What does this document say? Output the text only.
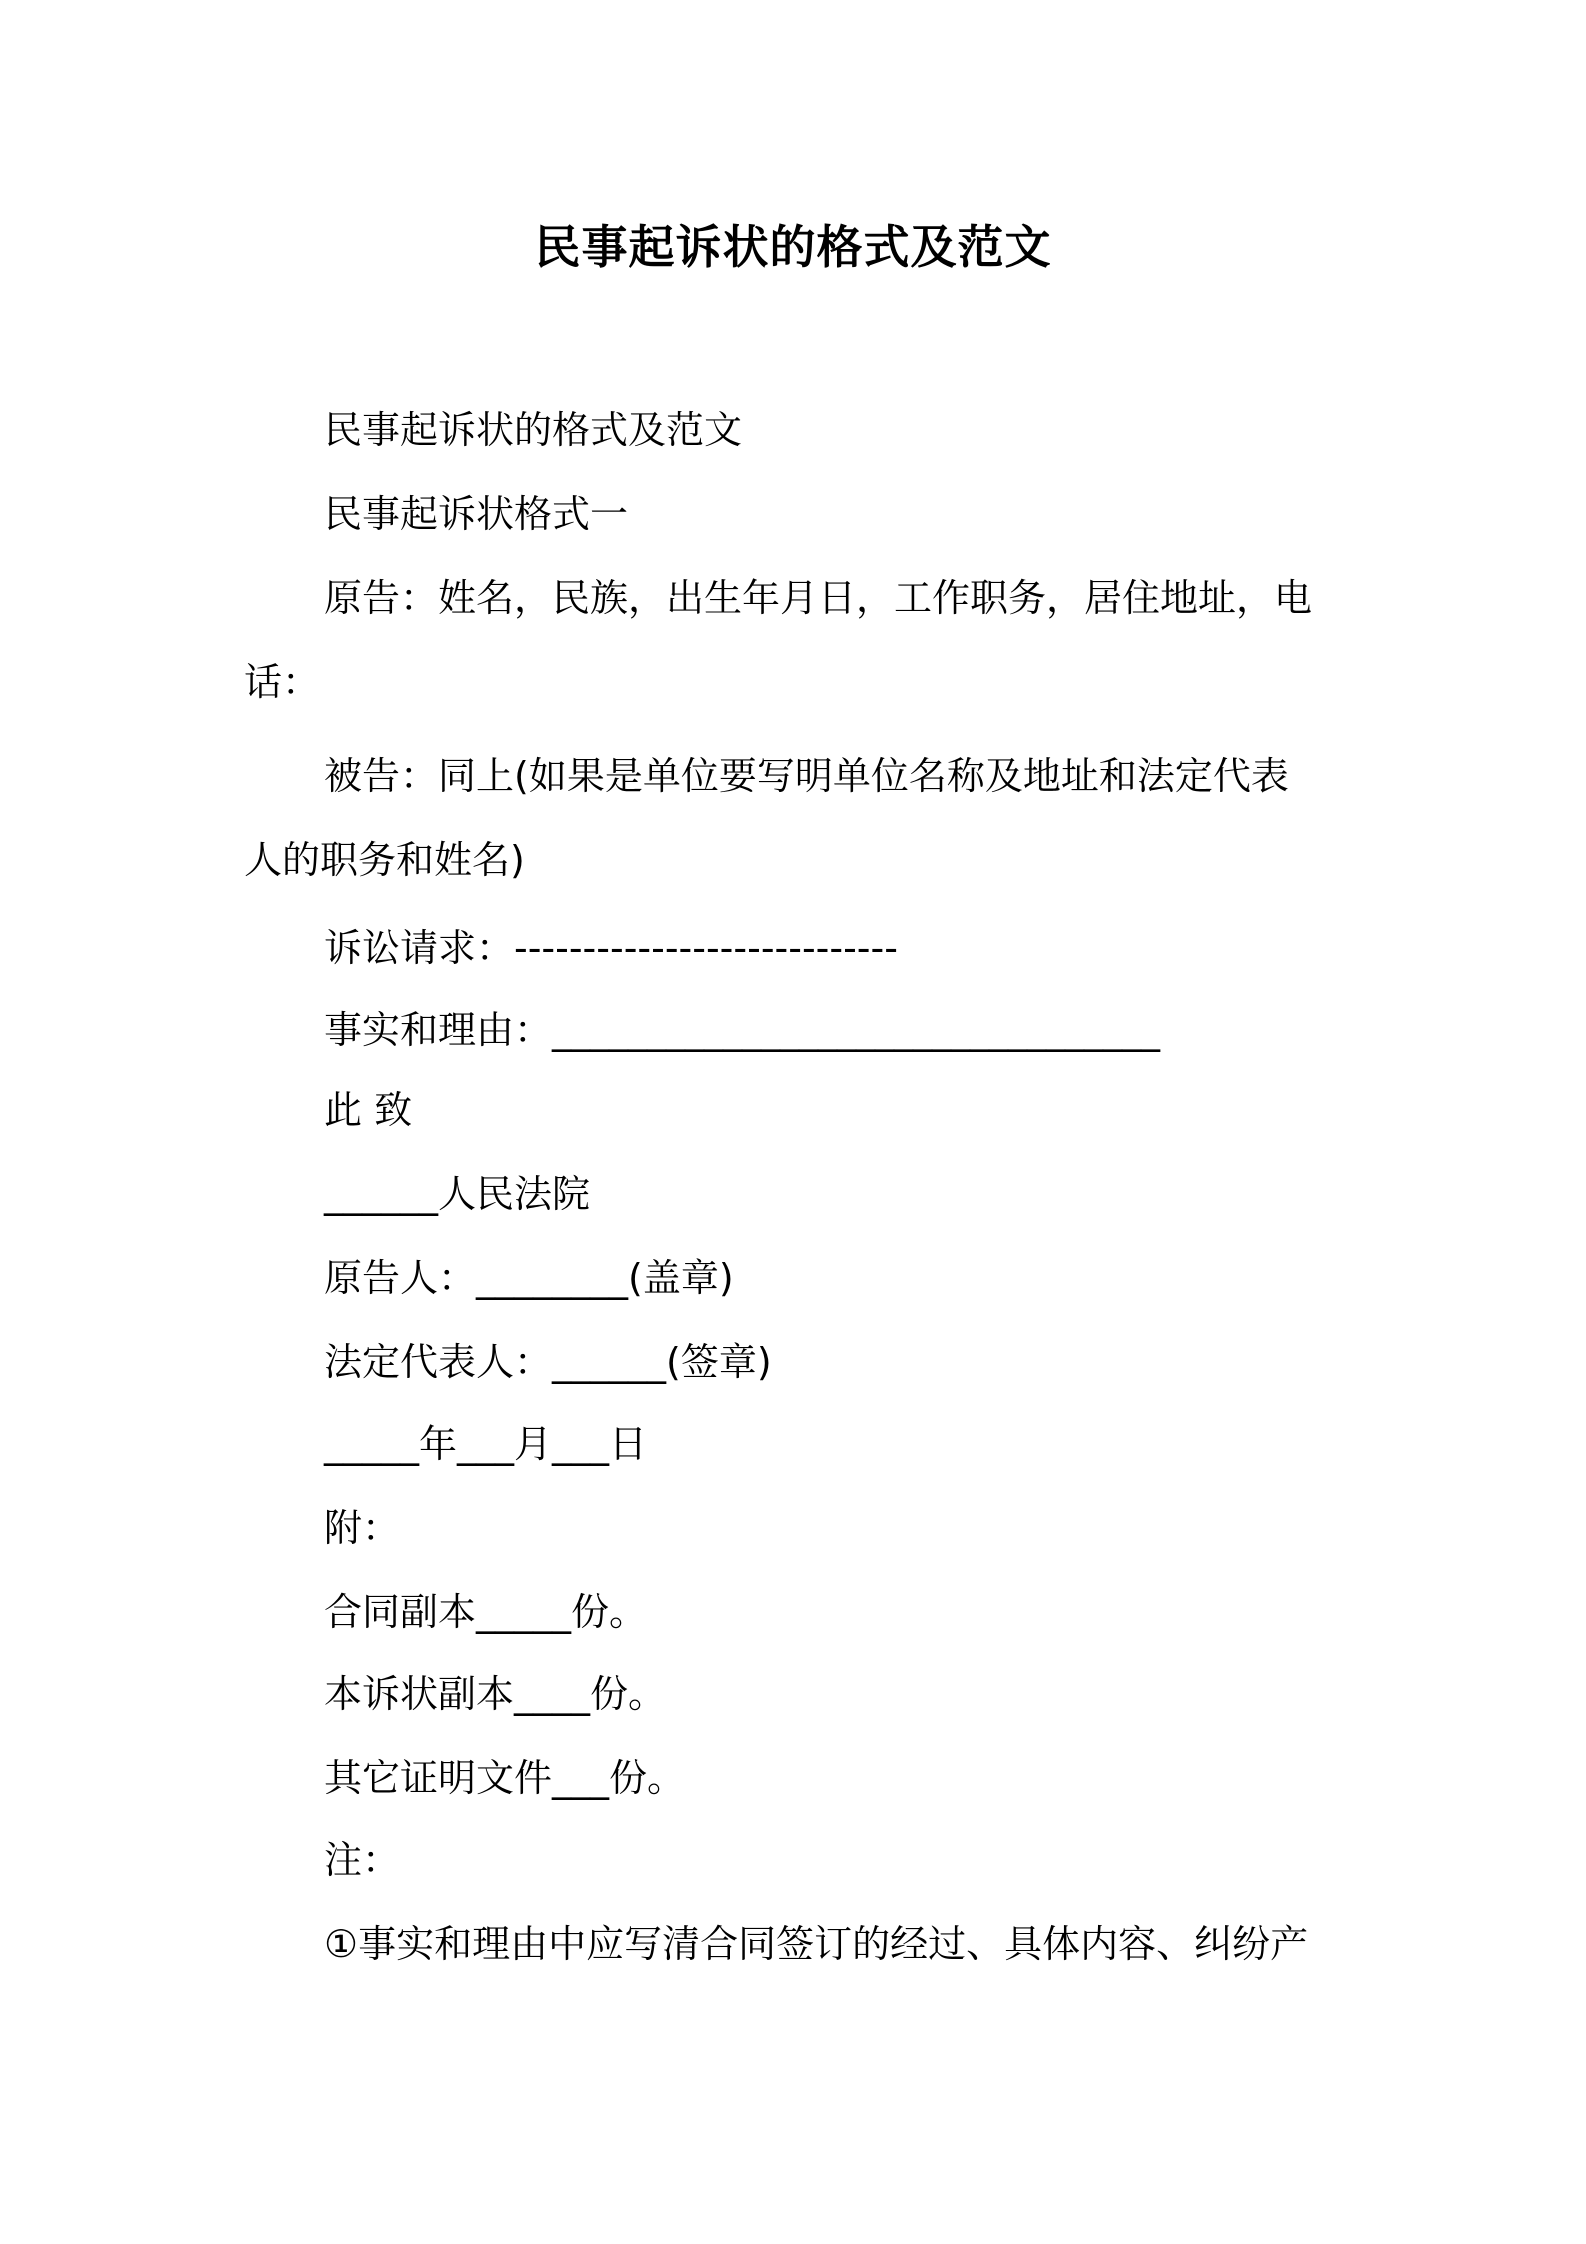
民事起诉状的格式及范文
民事起诉状的格式及范文
民事起诉状格式一
原告：姓名，民族，出生年月日，工作职务，居住地址，电
话：
被告：同上(如果是单位要写明单位名称及地址和法定代表
人的职务和姓名)
诉讼请求：----------------------------
事实和理由：________________________________
此 致
______人民法院
原告人：________(盖章)
法定代表人：______(签章)
_____年___月___日
附：
合同副本_____份。
本诉状副本____份。
其它证明文件___份。
注：
①事实和理由中应写清合同签订的经过、具体内容、纠纷产
